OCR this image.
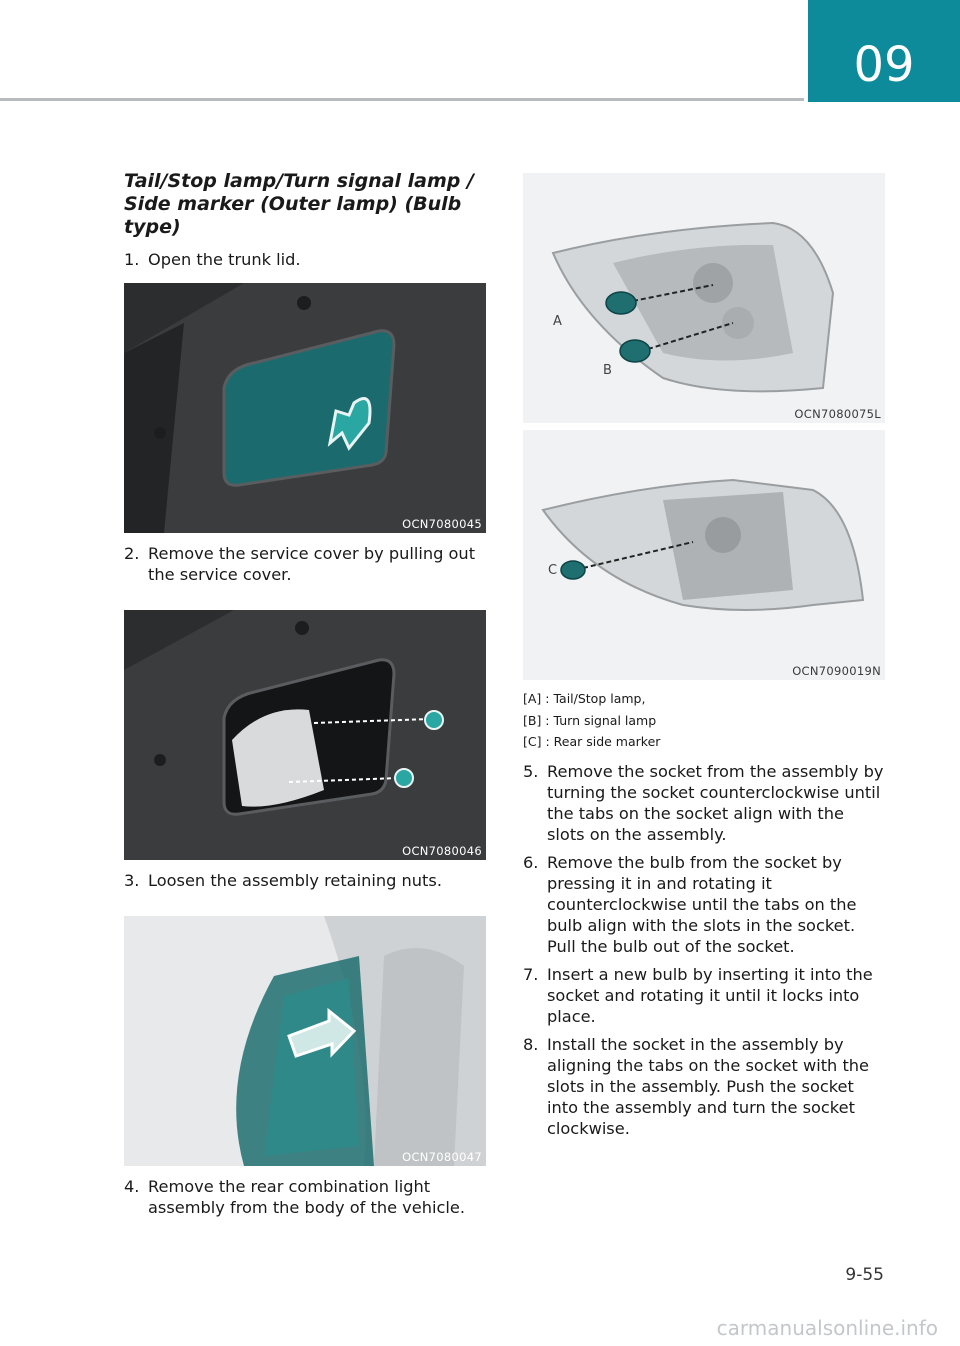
09
Tail/Stop lamp/Turn signal lamp /
Side marker (Outer lamp) (Bulb type)

1. Open the trunk lid.

OCN7080045

2. Remove the service cover by pulling out the service cover.

OCN7080046

3. Loosen the assembly retaining nuts.

OCN7080047

4. Remove the rear combination light assembly from the body of the vehicle.

A
B
OCN7080075L
C
OCN7090019N
[A] : Tail/Stop lamp,
[B] : Turn signal lamp
[C] : Rear side marker

5. Remove the socket from the assembly by turning the socket counterclockwise until the tabs on the socket align with the slots on the assembly.

6. Remove the bulb from the socket by pressing it in and rotating it counterclockwise until the tabs on the bulb align with the slots in the socket. Pull the bulb out of the socket.

7. Insert a new bulb by inserting it into the socket and rotating it until it locks into place.

8. Install the socket in the assembly by aligning the tabs on the socket with the slots in the assembly. Push the socket into the assembly and turn the socket clockwise.

9-55
carmanualsonline.info
